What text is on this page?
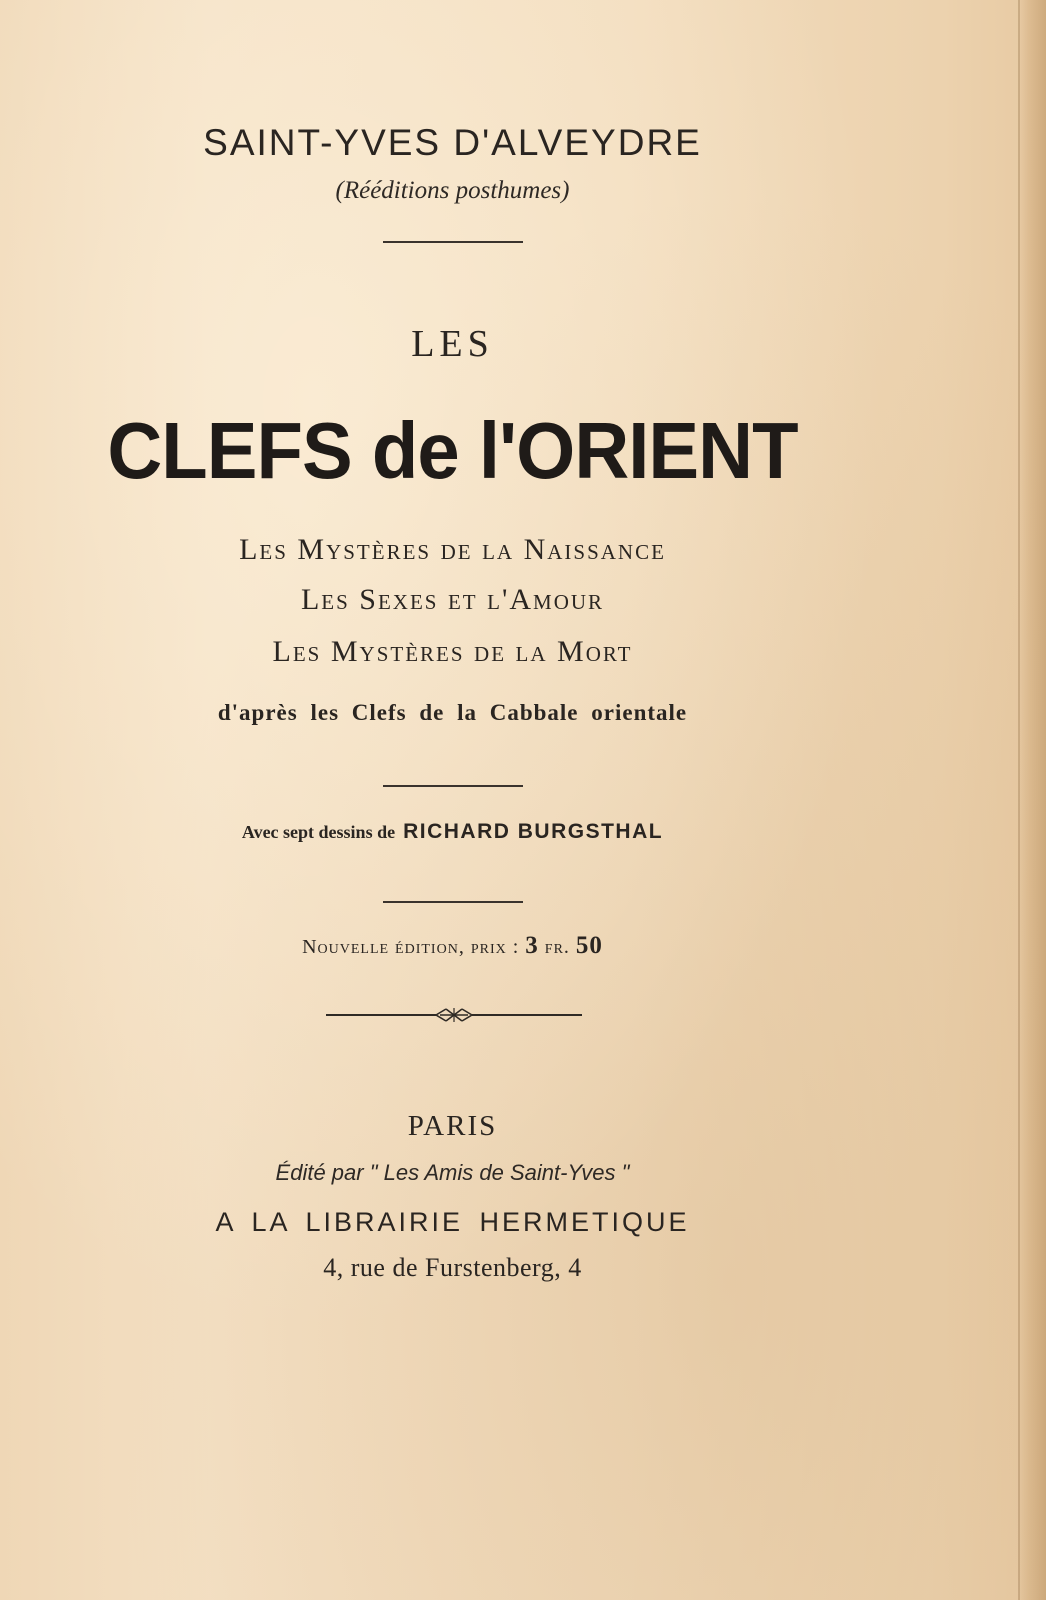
SAINT-YVES D'ALVEYDRE
(Rééditions posthumes)
LES
CLEFS de l'ORIENT
Les Mystères de la Naissance
Les Sexes et l'Amour
Les Mystères de la Mort
d'après les Clefs de la Cabbale orientale
Avec sept dessins de RICHARD BURGSTHAL
Nouvelle édition, prix : 3 fr. 50
PARIS
Édité par " Les Amis de Saint-Yves "
A LA LIBRAIRIE HERMETIQUE
4, rue de Furstenberg, 4
